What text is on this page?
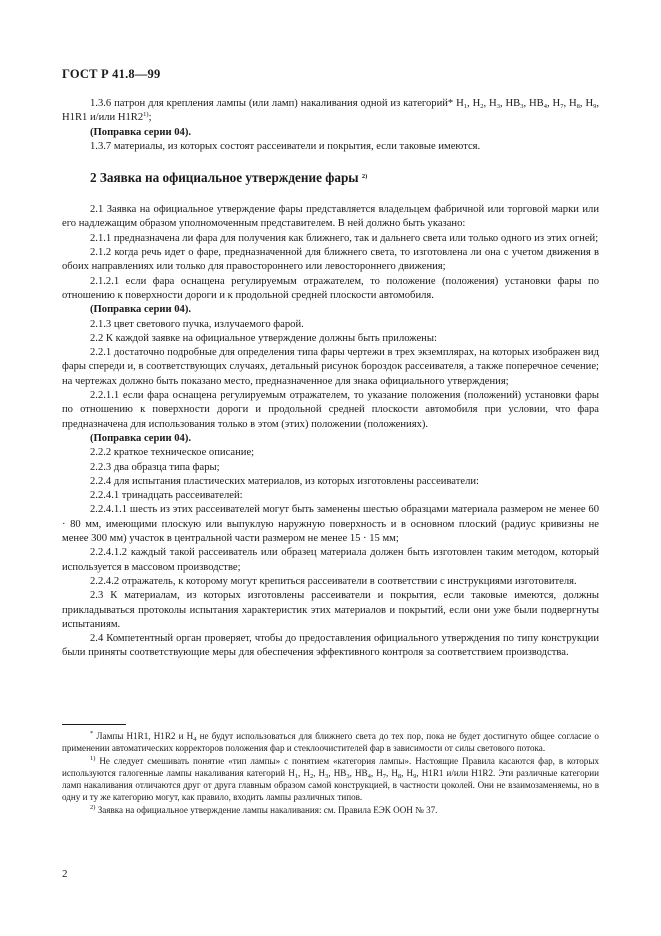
ГОСТ Р 41.8—99

1.3.6 патрон для крепления лампы (или ламп) накаливания одной из категорий* $H_1$, $H_2$, $H_3$, $HB_3$, $HB_4$, $H_7$, $H_8$, $H_9$, H1R1 и/или H1R2$^{1)}$;

(Поправка серии 04).

1.3.7 материалы, из которых состоят рассеиватели и покрытия, если таковые имеются.

2 Заявка на официальное утверждение фары $^{2)}$

2.1 Заявка на официальное утверждение фары представляется владельцем фабричной или торговой марки или его надлежащим образом уполномоченным представителем. В ней должно быть указано:

2.1.1 предназначена ли фара для получения как ближнего, так и дальнего света или только одного из этих огней;

2.1.2 когда речь идет о фаре, предназначенной для ближнего света, то изготовлена ли она с учетом движения в обоих направлениях или только для правостороннего или левостороннего движения;

2.1.2.1 если фара оснащена регулируемым отражателем, то положение (положения) установки фары по отношению к поверхности дороги и к продольной средней плоскости автомобиля.

(Поправка серии 04).

2.1.3 цвет светового пучка, излучаемого фарой.

2.2 К каждой заявке на официальное утверждение должны быть приложены:

2.2.1 достаточно подробные для определения типа фары чертежи в трех экземплярах, на которых изображен вид фары спереди и, в соответствующих случаях, детальный рисунок бороздок рассеивателя, а также поперечное сечение; на чертежах должно быть показано место, предназначенное для знака официального утверждения;

2.2.1.1 если фара оснащена регулируемым отражателем, то указание положения (положений) установки фары по отношению к поверхности дороги и продольной средней плоскости автомобиля при условии, что фара предназначена для использования только в этом (этих) положении (положениях).

(Поправка серии 04).

2.2.2 краткое техническое описание;

2.2.3 два образца типа фары;

2.2.4 для испытания пластических материалов, из которых изготовлены рассеиватели:

2.2.4.1 тринадцать рассеивателей:

2.2.4.1.1 шесть из этих рассеивателей могут быть заменены шестью образцами материала размером не менее 60 · 80 мм, имеющими плоскую или выпуклую наружную поверхность и в основном плоский (радиус кривизны не менее 300 мм) участок в центральной части размером не менее 15 · 15 мм;

2.2.4.1.2 каждый такой рассеиватель или образец материала должен быть изготовлен таким методом, который используется в массовом производстве;

2.2.4.2 отражатель, к которому могут крепиться рассеиватели в соответствии с инструкциями изготовителя.

2.3 К материалам, из которых изготовлены рассеиватели и покрытия, если таковые имеются, должны прикладываться протоколы испытания характеристик этих материалов и покрытий, если они уже были подвергнуты испытаниям.

2.4 Компетентный орган проверяет, чтобы до предоставления официального утверждения по типу конструкции были приняты соответствующие меры для обеспечения эффективного контроля за соответствием производства.

* Лампы H1R1, H1R2 и $H_4$ не будут использоваться для ближнего света до тех пор, пока не будет достигнуто общее согласие о применении автоматических корректоров положения фар и стеклоочистителей фар в зависимости от силы светового потока.

$^{1)}$ Не следует смешивать понятие «тип лампы» с понятием «категория лампы». Настоящие Правила касаются фар, в которых используются галогенные лампы накаливания категорий $H_1$, $H_2$, $H_3$, $HB_3$, $HB_4$, $H_7$, $H_8$, $H_9$, H1R1 и/или H1R2. Эти различные категории ламп накаливания отличаются друг от друга главным образом самой конструкцией, в частности цоколей. Они не взаимозаменяемы, но в одну и ту же категорию могут, как правило, входить лампы различных типов.

$^{2)}$ Заявка на официальное утверждение лампы накаливания: см. Правила ЕЭК ООН № 37.

2
